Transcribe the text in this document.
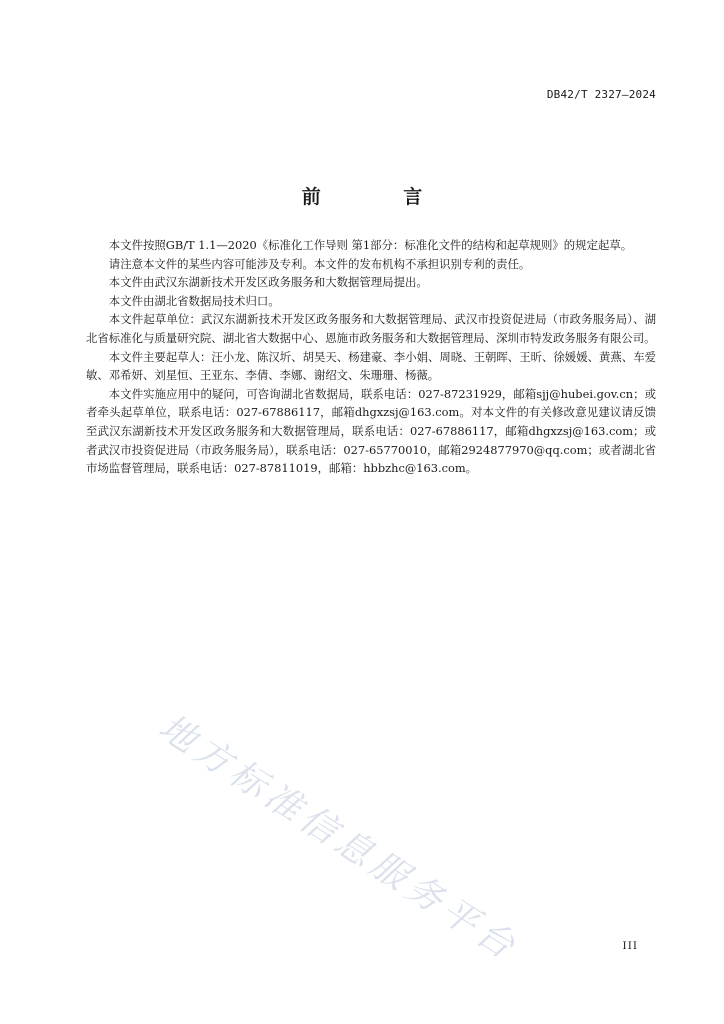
DB42/T 2327—2024
前 言

本文件按照GB/T 1.1—2020《标准化工作导则 第1部分：标准化文件的结构和起草规则》的规定起草。

请注意本文件的某些内容可能涉及专利。本文件的发布机构不承担识别专利的责任。

本文件由武汉东湖新技术开发区政务服务和大数据管理局提出。

本文件由湖北省数据局技术归口。

本文件起草单位：武汉东湖新技术开发区政务服务和大数据管理局、武汉市投资促进局（市政务服务局）、湖北省标准化与质量研究院、湖北省大数据中心、恩施市政务服务和大数据管理局、深圳市特发政务服务有限公司。

本文件主要起草人：汪小龙、陈汉圻、胡昊天、杨建豪、李小娟、周晓、王朝晖、王昕、徐媛媛、黄燕、车爱敏、邓希妍、刘星恒、王亚东、李倩、李娜、谢绍文、朱珊珊、杨薇。

本文件实施应用中的疑问，可咨询湖北省数据局，联系电话：027-87231929，邮箱sjj@hubei.gov.cn；或者牵头起草单位，联系电话：027-67886117，邮箱dhgxzsj@163.com。对本文件的有关修改意见建议请反馈至武汉东湖新技术开发区政务服务和大数据管理局，联系电话：027-67886117，邮箱dhgxzsj@163.com；或者武汉市投资促进局（市政务服务局），联系电话：027-65770010，邮箱2924877970@qq.com；或者湖北省市场监督管理局，联系电话：027-87811019，邮箱：hbbzhc@163.com。

地方标准信息服务平台	III
